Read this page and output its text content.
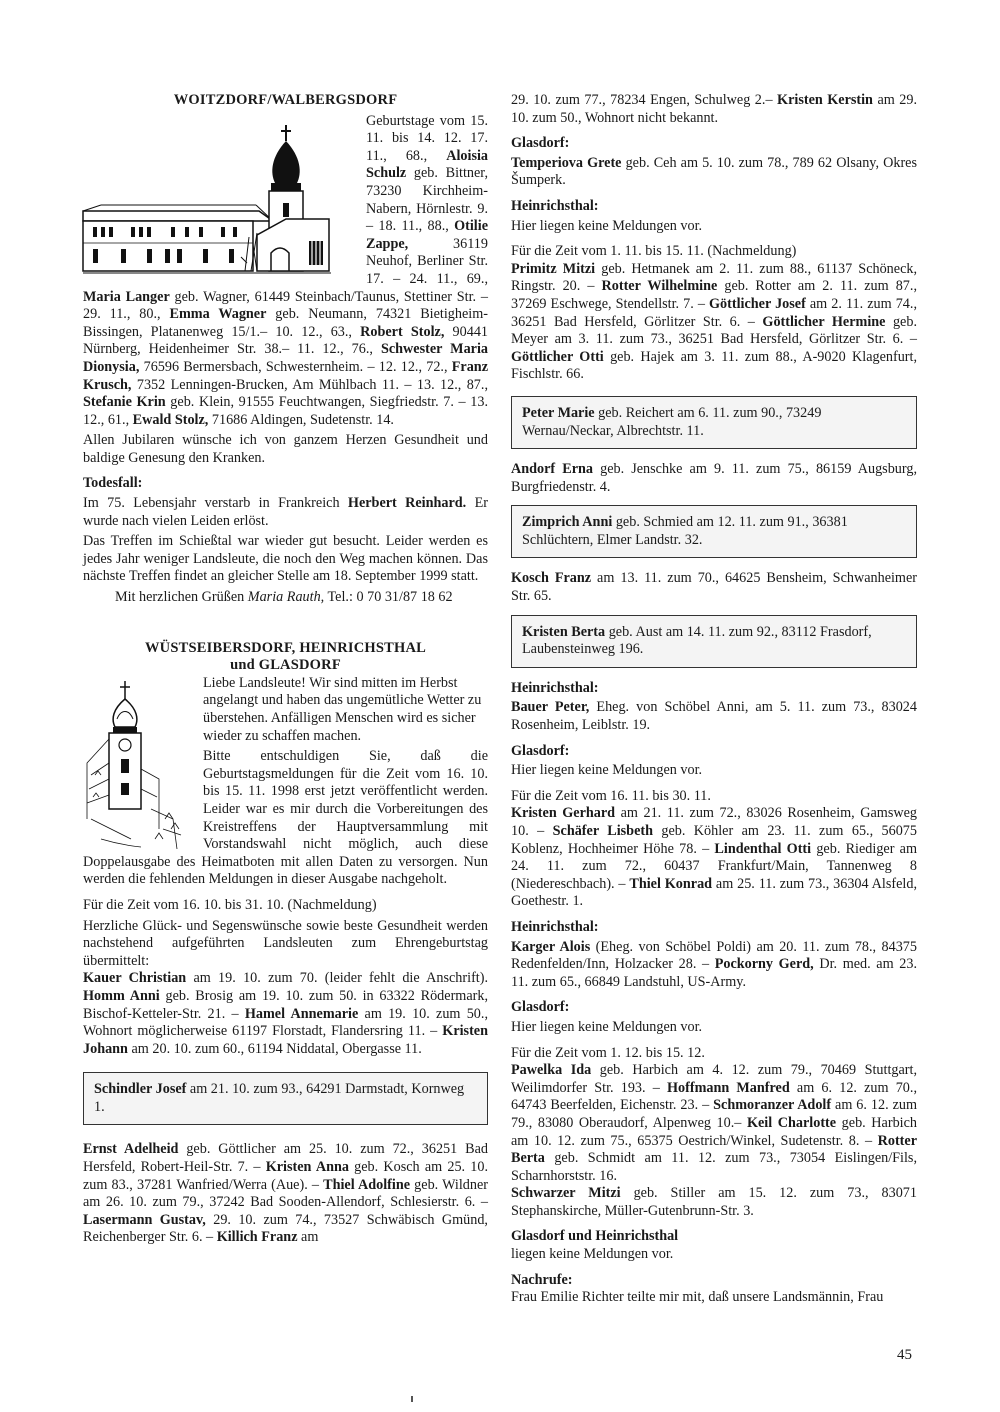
WOITZDORF/WALBERGSDORF

Geburtstage vom 15. 11. bis 14. 12. 17. 11., 68., Aloisia Schulz geb. Bittner, 73230 Kirchheim-Nabern, Hörnlestr. 9. – 18. 11., 88., Otilie Zappe, 36119 Neuhof, Berliner Str. 17. – 24. 11., 69., Maria Langer geb. Wagner, 61449 Steinbach/Taunus, Stettiner Str. – 29. 11., 80., Emma Wagner geb. Neumann, 74321 Bietigheim-Bissingen, Platanenweg 15/1.– 10. 12., 63., Robert Stolz, 90441 Nürnberg, Heidenheimer Str. 38.– 11. 12., 76., Schwester Maria Dionysia, 76596 Bermersbach, Schwesternheim. – 12. 12., 72., Franz Krusch, 7352 Lenningen-Brucken, Am Mühlbach 11. – 13. 12., 87., Stefanie Krin geb. Klein, 91555 Feuchtwangen, Siegfriedstr. 7. – 13. 12., 61., Ewald Stolz, 71686 Aldingen, Sudetenstr. 14.

Allen Jubilaren wünsche ich von ganzem Herzen Gesundheit und baldige Genesung den Kranken.

Todesfall:

Im 75. Lebensjahr verstarb in Frankreich Herbert Reinhard. Er wurde nach vielen Leiden erlöst.

Das Treffen im Schießtal war wieder gut besucht. Leider werden es jedes Jahr weniger Landsleute, die noch den Weg machen können. Das nächste Treffen findet an gleicher Stelle am 18. September 1999 statt.

Mit herzlichen Grüßen Maria Rauth, Tel.: 0 70 31/87 18 62

WÜSTSEIBERSDORF, HEINRICHSTHAL
und GLASDORF

Liebe Landsleute! Wir sind mitten im Herbst angelangt und haben das ungemütliche Wetter zu überstehen. Anfälligen Menschen wird es sicher wieder zu schaffen machen.

Bitte entschuldigen Sie, daß die Geburtstagsmeldungen für die Zeit vom 16. 10. bis 15. 11. 1998 erst jetzt veröffentlicht werden. Leider war es mir durch die Vorbereitungen des Kreistreffens der Hauptversammlung mit Vorstandswahl nicht möglich, auch diese Doppelausgabe des Heimatboten mit allen Daten zu versorgen. Nun werden die fehlenden Meldungen in dieser Ausgabe nachgeholt.

Für die Zeit vom 16. 10. bis 31. 10. (Nachmeldung)

Herzliche Glück- und Segenswünsche sowie beste Gesundheit werden nachstehend aufgeführten Landsleuten zum Ehrengeburtstag übermittelt:

Kauer Christian am 19. 10. zum 70. (leider fehlt die Anschrift). Homm Anni geb. Brosig am 19. 10. zum 50. in 63322 Rödermark, Bischof-Ketteler-Str. 21. – Hamel Annemarie am 19. 10. zum 50., Wohnort möglicherweise 61197 Florstadt, Flandersring 11. – Kristen Johann am 20. 10. zum 60., 61194 Niddatal, Obergasse 11.

Schindler Josef am 21. 10. zum 93., 64291 Darmstadt, Kornweg 1.

Ernst Adelheid geb. Göttlicher am 25. 10. zum 72., 36251 Bad Hersfeld, Robert-Heil-Str. 7. – Kristen Anna geb. Kosch am 25. 10. zum 83., 37281 Wanfried/Werra (Aue). – Thiel Adolfine geb. Wildner am 26. 10. zum 79., 37242 Bad Sooden-Allendorf, Schlesierstr. 6. – Lasermann Gustav, 29. 10. zum 74., 73527 Schwäbisch Gmünd, Reichenberger Str. 6. – Killich Franz am

29. 10. zum 77., 78234 Engen, Schulweg 2.– Kristen Kerstin am 29. 10. zum 50., Wohnort nicht bekannt.

Glasdorf:

Temperiova Grete geb. Ceh am 5. 10. zum 78., 789 62 Olsany, Okres Šumperk.

Heinrichsthal:

Hier liegen keine Meldungen vor.

Für die Zeit vom 1. 11. bis 15. 11. (Nachmeldung)

Primitz Mitzi geb. Hetmanek am 2. 11. zum 88., 61137 Schöneck, Ringstr. 20. – Rotter Wilhelmine geb. Rotter am 2. 11. zum 87., 37269 Eschwege, Stendellstr. 7. – Göttlicher Josef am 2. 11. zum 74., 36251 Bad Hersfeld, Görlitzer Str. 6. – Göttlicher Hermine geb. Meyer am 3. 11. zum 73., 36251 Bad Hersfeld, Görlitzer Str. 6. – Göttlicher Otti geb. Hajek am 3. 11. zum 88., A-9020 Klagenfurt, Fischlstr. 66.

Peter Marie geb. Reichert am 6. 11. zum 90., 73249 Wernau/Neckar, Albrechtstr. 11.

Andorf Erna geb. Jenschke am 9. 11. zum 75., 86159 Augsburg, Burgfriedenstr. 4.

Zimprich Anni geb. Schmied am 12. 11. zum 91., 36381 Schlüchtern, Elmer Landstr. 32.

Kosch Franz am 13. 11. zum 70., 64625 Bensheim, Schwanheimer Str. 65.

Kristen Berta geb. Aust am 14. 11. zum 92., 83112 Frasdorf, Laubensteinweg 196.
Heinrichsthal:

Bauer Peter, Eheg. von Schöbel Anni, am 5. 11. zum 73., 83024 Rosenheim, Leiblstr. 19.

Glasdorf:

Hier liegen keine Meldungen vor.

Für die Zeit vom 16. 11. bis 30. 11.

Kristen Gerhard am 21. 11. zum 72., 83026 Rosenheim, Gamsweg 10. – Schäfer Lisbeth geb. Köhler am 23. 11. zum 65., 56075 Koblenz, Hochheimer Höhe 78. – Lindenthal Otti geb. Riediger am 24. 11. zum 72., 60437 Frankfurt/Main, Tannenweg 8 (Niedereschbach). – Thiel Konrad am 25. 11. zum 73., 36304 Alsfeld, Goethestr. 1.

Heinrichsthal:

Karger Alois (Eheg. von Schöbel Poldi) am 20. 11. zum 78., 84375 Redenfelden/Inn, Holzacker 28. – Pockorny Gerd, Dr. med. am 23. 11. zum 65., 66849 Landstuhl, US-Army.

Glasdorf:

Hier liegen keine Meldungen vor.

Für die Zeit vom 1. 12. bis 15. 12.

Pawelka Ida geb. Harbich am 4. 12. zum 79., 70469 Stuttgart, Weilimdorfer Str. 193. – Hoffmann Manfred am 6. 12. zum 70., 64743 Beerfelden, Eichenstr. 23. – Schmoranzer Adolf am 6. 12. zum 79., 83080 Oberaudorf, Alpenweg 10.– Keil Charlotte geb. Harbich am 10. 12. zum 75., 65375 Oestrich/Winkel, Sudetenstr. 8. – Rotter Berta geb. Schmidt am 11. 12. zum 73., 73054 Eislingen/Fils, Scharnhorststr. 16.

Schwarzer Mitzi geb. Stiller am 15. 12. zum 73., 83071 Stephanskirche, Müller-Gutenbrunn-Str. 3.

Glasdorf und Heinrichsthal

liegen keine Meldungen vor.

Nachrufe:

Frau Emilie Richter teilte mir mit, daß unsere Landsmännin, Frau

45
